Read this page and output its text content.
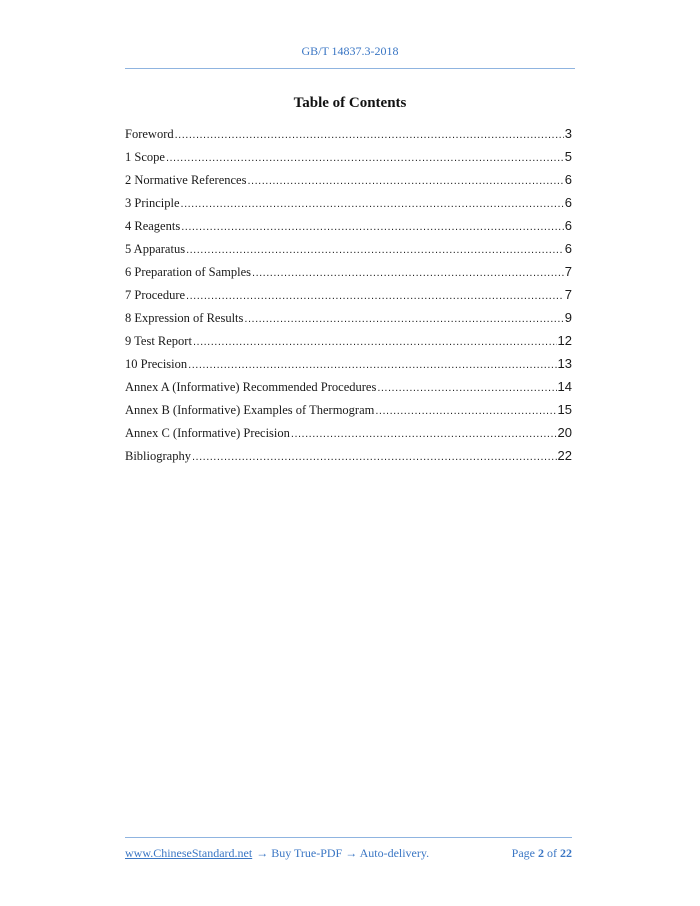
GB/T 14837.3-2018
Table of Contents
Foreword .....	3
1 Scope .....	5
2 Normative References .....	6
3 Principle .....	6
4 Reagents .....	6
5 Apparatus .....	6
6 Preparation of Samples .....	7
7 Procedure .....	7
8 Expression of Results .....	9
9 Test Report .....	12
10 Precision .....	13
Annex A (Informative) Recommended Procedures .....	14
Annex B (Informative) Examples of Thermogram .....	15
Annex C (Informative) Precision .....	20
Bibliography .....	22
www.ChineseStandard.net → Buy True-PDF → Auto-delivery.	Page 2 of 22
